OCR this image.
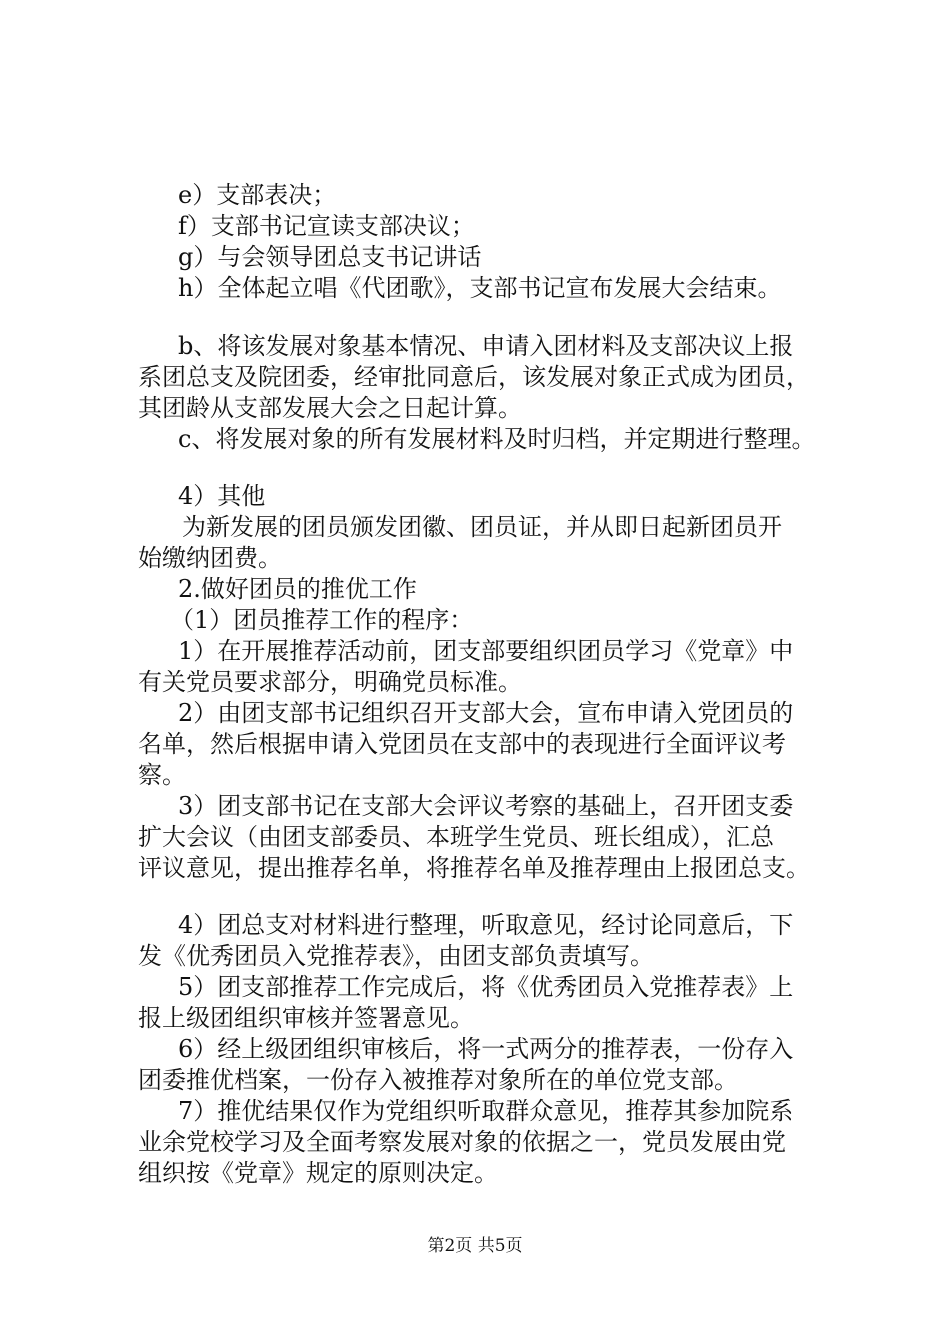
e）支部表决；
f）支部书记宣读支部决议；
g）与会领导团总支书记讲话
h）全体起立唱《代团歌》，支部书记宣布发展大会结束。
b、将该发展对象基本情况、申请入团材料及支部决议上报
系团总支及院团委，经审批同意后，该发展对象正式成为团员，
其团龄从支部发展大会之日起计算。
c、将发展对象的所有发展材料及时归档，并定期进行整理。
4）其他
为新发展的团员颁发团徽、团员证，并从即日起新团员开
始缴纳团费。
2.做好团员的推优工作
（1）团员推荐工作的程序：
1）在开展推荐活动前，团支部要组织团员学习《党章》中
有关党员要求部分，明确党员标准。
2）由团支部书记组织召开支部大会，宣布申请入党团员的
名单，然后根据申请入党团员在支部中的表现进行全面评议考
察。
3）团支部书记在支部大会评议考察的基础上，召开团支委
扩大会议（由团支部委员、本班学生党员、班长组成），汇总
评议意见，提出推荐名单，将推荐名单及推荐理由上报团总支。
4）团总支对材料进行整理，听取意见，经讨论同意后，下
发《优秀团员入党推荐表》，由团支部负责填写。
5）团支部推荐工作完成后，将《优秀团员入党推荐表》上
报上级团组织审核并签署意见。
6）经上级团组织审核后，将一式两分的推荐表，一份存入
团委推优档案，一份存入被推荐对象所在的单位党支部。
7）推优结果仅作为党组织听取群众意见，推荐其参加院系
业余党校学习及全面考察发展对象的依据之一，党员发展由党
组织按《党章》规定的原则决定。
第2页 共5页
